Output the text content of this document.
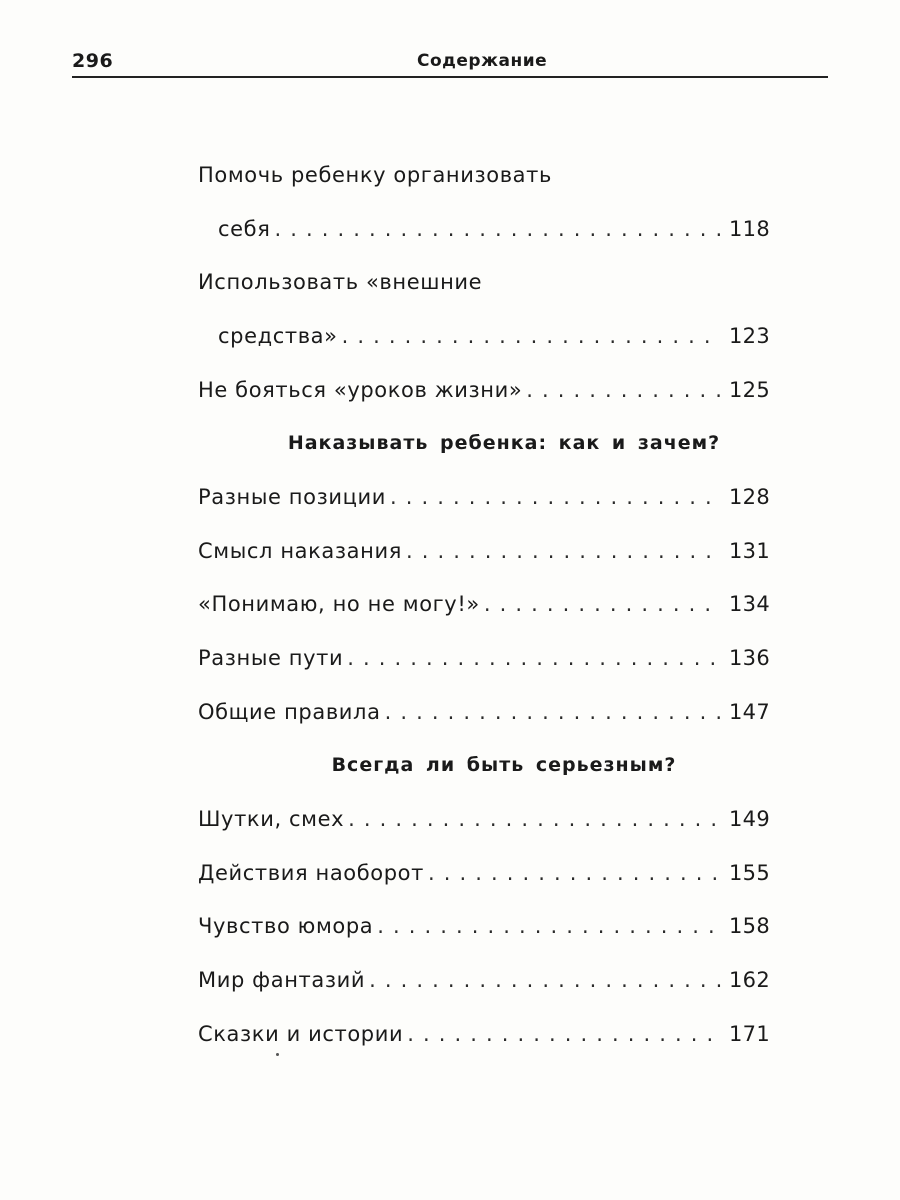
296	Содержание
Помочь ребенку организовать
себя . . .	118
Использовать «внешние
средства» . . .	123
Не бояться «уроков жизни» . . .	125
Наказывать ребенка: как и зачем?
Разные позиции . . .	128
Смысл наказания . . .	131
«Понимаю, но не могу!» . . .	134
Разные пути . . .	136
Общие правила . . .	147
Всегда ли быть серьезным?
Шутки, смех . . .	149
Действия наоборот . . .	155
Чувство юмора . . .	158
Мир фантазий . . .	162
Сказки и истории . . .	171
